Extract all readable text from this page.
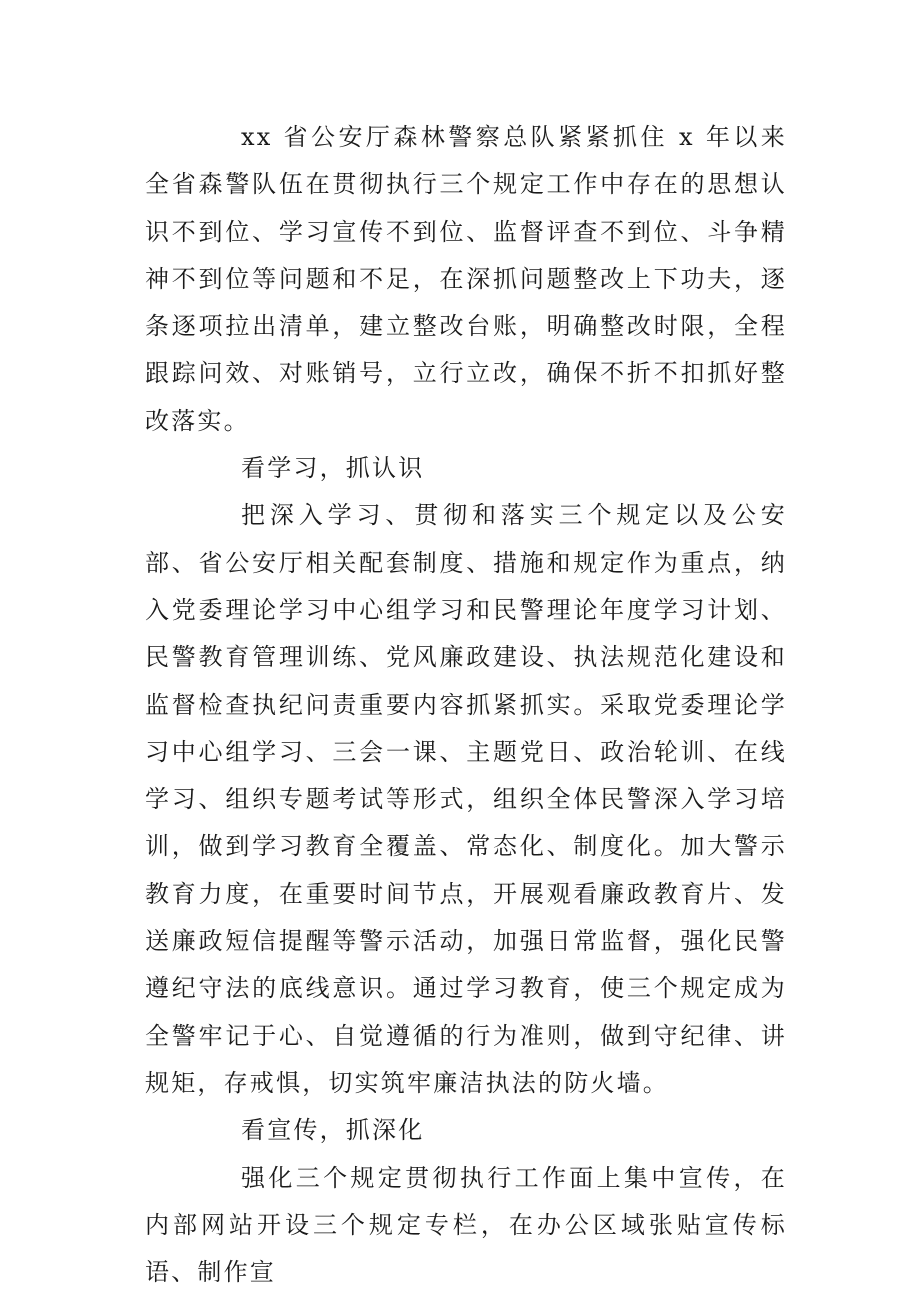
xx 省公安厅森林警察总队紧紧抓住 x 年以来全省森警队伍在贯彻执行三个规定工作中存在的思想认识不到位、学习宣传不到位、监督评查不到位、斗争精神不到位等问题和不足，在深抓问题整改上下功夫，逐条逐项拉出清单，建立整改台账，明确整改时限，全程跟踪问效、对账销号，立行立改，确保不折不扣抓好整改落实。

看学习，抓认识

把深入学习、贯彻和落实三个规定以及公安部、省公安厅相关配套制度、措施和规定作为重点，纳入党委理论学习中心组学习和民警理论年度学习计划、民警教育管理训练、党风廉政建设、执法规范化建设和监督检查执纪问责重要内容抓紧抓实。采取党委理论学习中心组学习、三会一课、主题党日、政治轮训、在线学习、组织专题考试等形式，组织全体民警深入学习培训，做到学习教育全覆盖、常态化、制度化。加大警示教育力度，在重要时间节点，开展观看廉政教育片、发送廉政短信提醒等警示活动，加强日常监督，强化民警遵纪守法的底线意识。通过学习教育，使三个规定成为全警牢记于心、自觉遵循的行为准则，做到守纪律、讲规矩，存戒惧，切实筑牢廉洁执法的防火墙。

看宣传，抓深化

强化三个规定贯彻执行工作面上集中宣传，在内部网站开设三个规定专栏，在办公区域张贴宣传标语、制作宣
